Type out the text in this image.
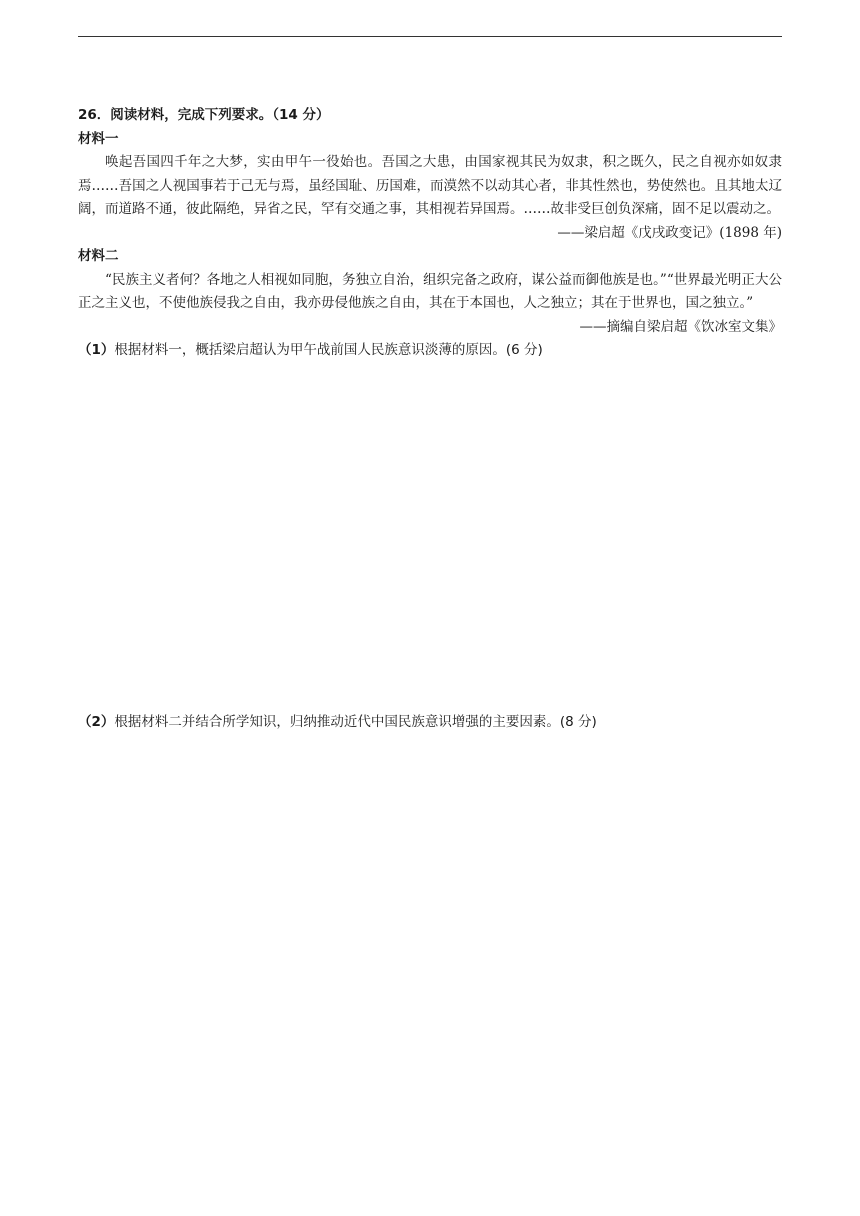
26．阅读材料，完成下列要求。（14 分）
材料一

唤起吾国四千年之大梦，实由甲午一役始也。吾国之大患，由国家视其民为奴隶，积之既久，民之自视亦如奴隶焉……吾国之人视国事若于己无与焉，虽经国耻、历国难，而漠然不以动其心者，非其性然也，势使然也。且其地太辽阔，而道路不通，彼此隔绝，异省之民，罕有交通之事，其相视若异国焉。……故非受巨创负深痛，固不足以震动之。

——梁启超《戊戌政变记》(1898 年)

材料二

“民族主义者何？各地之人相视如同胞，务独立自治，组织完备之政府，谋公益而御他族是也。”“世界最光明正大公正之主义也，不使他族侵我之自由，我亦毋侵他族之自由，其在于本国也，人之独立；其在于世界也，国之独立。”

——摘编自梁启超《饮冰室文集》

（1）根据材料一，概括梁启超认为甲午战前国人民族意识淡薄的原因。(6 分)

（2）根据材料二并结合所学知识，归纳推动近代中国民族意识增强的主要因素。(8 分)
